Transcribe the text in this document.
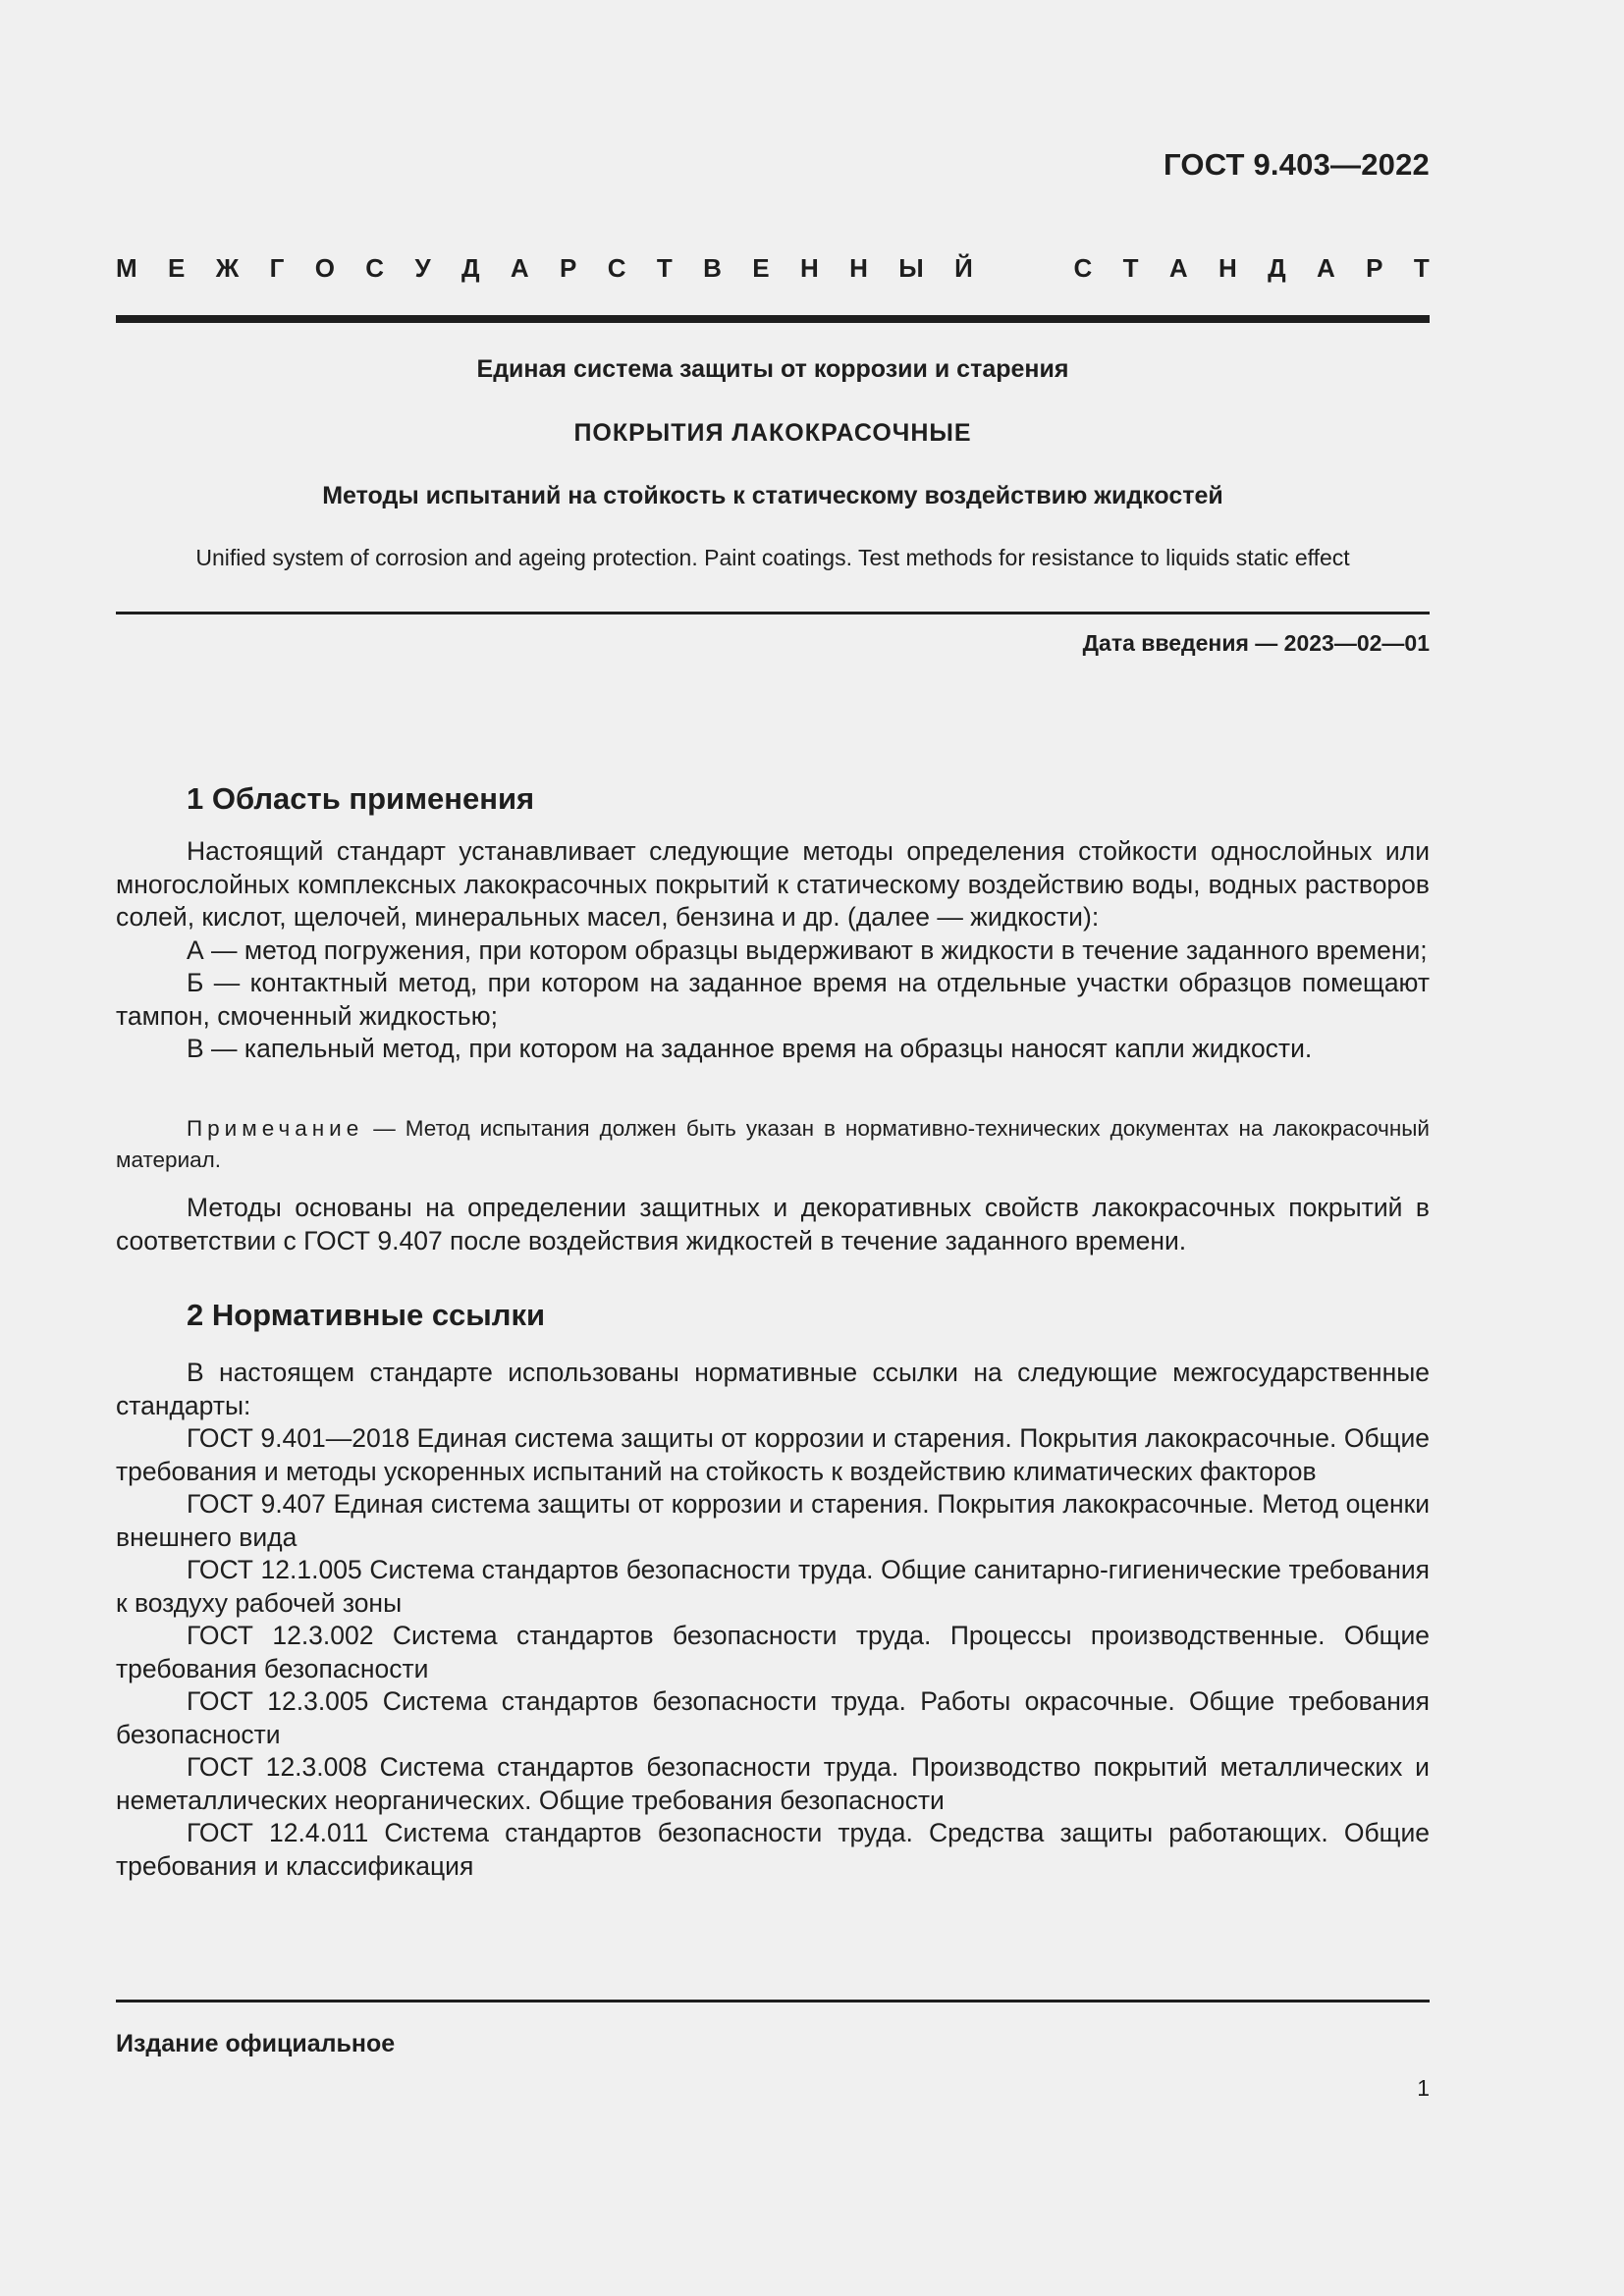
ГОСТ 9.403—2022
М Е Ж Г О С У Д А Р С Т В Е Н Н Ы Й	С Т А Н Д А Р Т
Единая система защиты от коррозии и старения
ПОКРЫТИЯ ЛАКОКРАСОЧНЫЕ
Методы испытаний на стойкость к статическому воздействию жидкостей
Unified system of corrosion and ageing protection. Paint coatings. Test methods for resistance to liquids static effect
Дата введения — 2023—02—01
1 Область применения

Настоящий стандарт устанавливает следующие методы определения стойкости однослойных или многослойных комплексных лакокрасочных покрытий к статическому воздействию воды, водных растворов солей, кислот, щелочей, минеральных масел, бензина и др. (далее — жидкости):

А — метод погружения, при котором образцы выдерживают в жидкости в течение заданного времени;

Б — контактный метод, при котором на заданное время на отдельные участки образцов помещают тампон, смоченный жидкостью;

В — капельный метод, при котором на заданное время на образцы наносят капли жидкости.

Примечание — Метод испытания должен быть указан в нормативно-технических документах на лакокрасочный материал.

Методы основаны на определении защитных и декоративных свойств лакокрасочных покрытий в соответствии с ГОСТ 9.407 после воздействия жидкостей в течение заданного времени.

2 Нормативные ссылки

В настоящем стандарте использованы нормативные ссылки на следующие межгосударственные стандарты:

ГОСТ 9.401—2018 Единая система защиты от коррозии и старения. Покрытия лакокрасочные. Общие требования и методы ускоренных испытаний на стойкость к воздействию климатических факторов

ГОСТ 9.407 Единая система защиты от коррозии и старения. Покрытия лакокрасочные. Метод оценки внешнего вида

ГОСТ 12.1.005 Система стандартов безопасности труда. Общие санитарно-гигиенические требования к воздуху рабочей зоны

ГОСТ 12.3.002 Система стандартов безопасности труда. Процессы производственные. Общие требования безопасности

ГОСТ 12.3.005 Система стандартов безопасности труда. Работы окрасочные. Общие требования безопасности

ГОСТ 12.3.008 Система стандартов безопасности труда. Производство покрытий металлических и неметаллических неорганических. Общие требования безопасности

ГОСТ 12.4.011 Система стандартов безопасности труда. Средства защиты работающих. Общие требования и классификация

Издание официальное
1
